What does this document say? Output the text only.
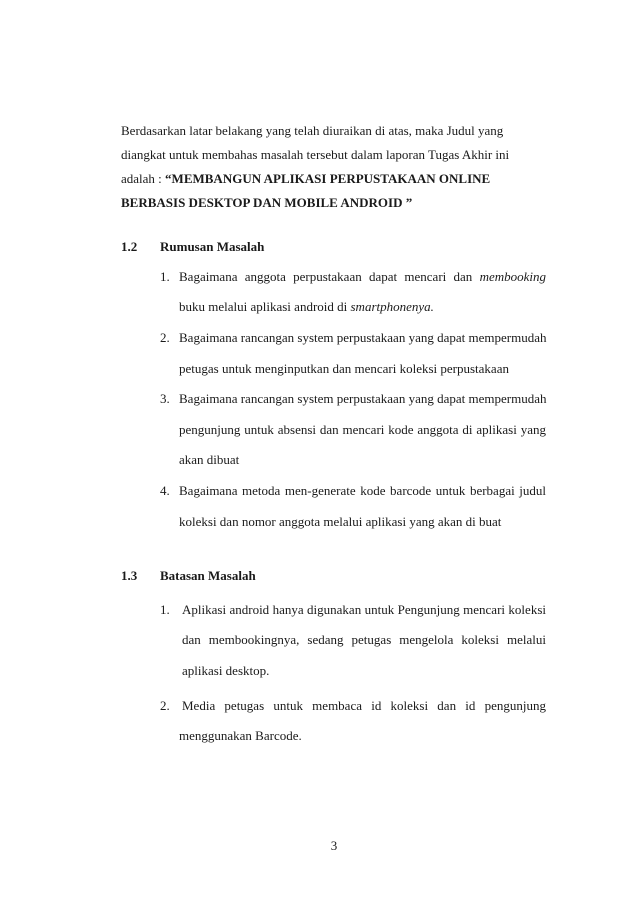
Berdasarkan latar belakang yang telah diuraikan di atas, maka Judul yang
diangkat untuk membahas masalah tersebut dalam laporan Tugas Akhir ini
adalah : “MEMBANGUN APLIKASI PERPUSTAKAAN ONLINE
BERBASIS DESKTOP DAN MOBILE ANDROID ”
1.2 Rumusan Masalah
1. Bagaimana anggota perpustakaan dapat mencari dan membooking
buku melalui aplikasi android di smartphonenya.
2. Bagaimana rancangan system perpustakaan yang dapat mempermudah
petugas untuk menginputkan dan mencari koleksi perpustakaan
3. Bagaimana rancangan system perpustakaan yang dapat mempermudah
pengunjung untuk absensi dan mencari kode anggota di aplikasi yang
akan dibuat
4. Bagaimana metoda men-generate kode barcode untuk berbagai judul
koleksi dan nomor anggota melalui aplikasi yang akan di buat
1.3 Batasan Masalah
1. Aplikasi android hanya digunakan untuk Pengunjung mencari koleksi
dan membookingnya, sedang petugas mengelola koleksi melalui
aplikasi desktop.
2. Media petugas untuk membaca id koleksi dan id pengunjung
menggunakan Barcode.
3
